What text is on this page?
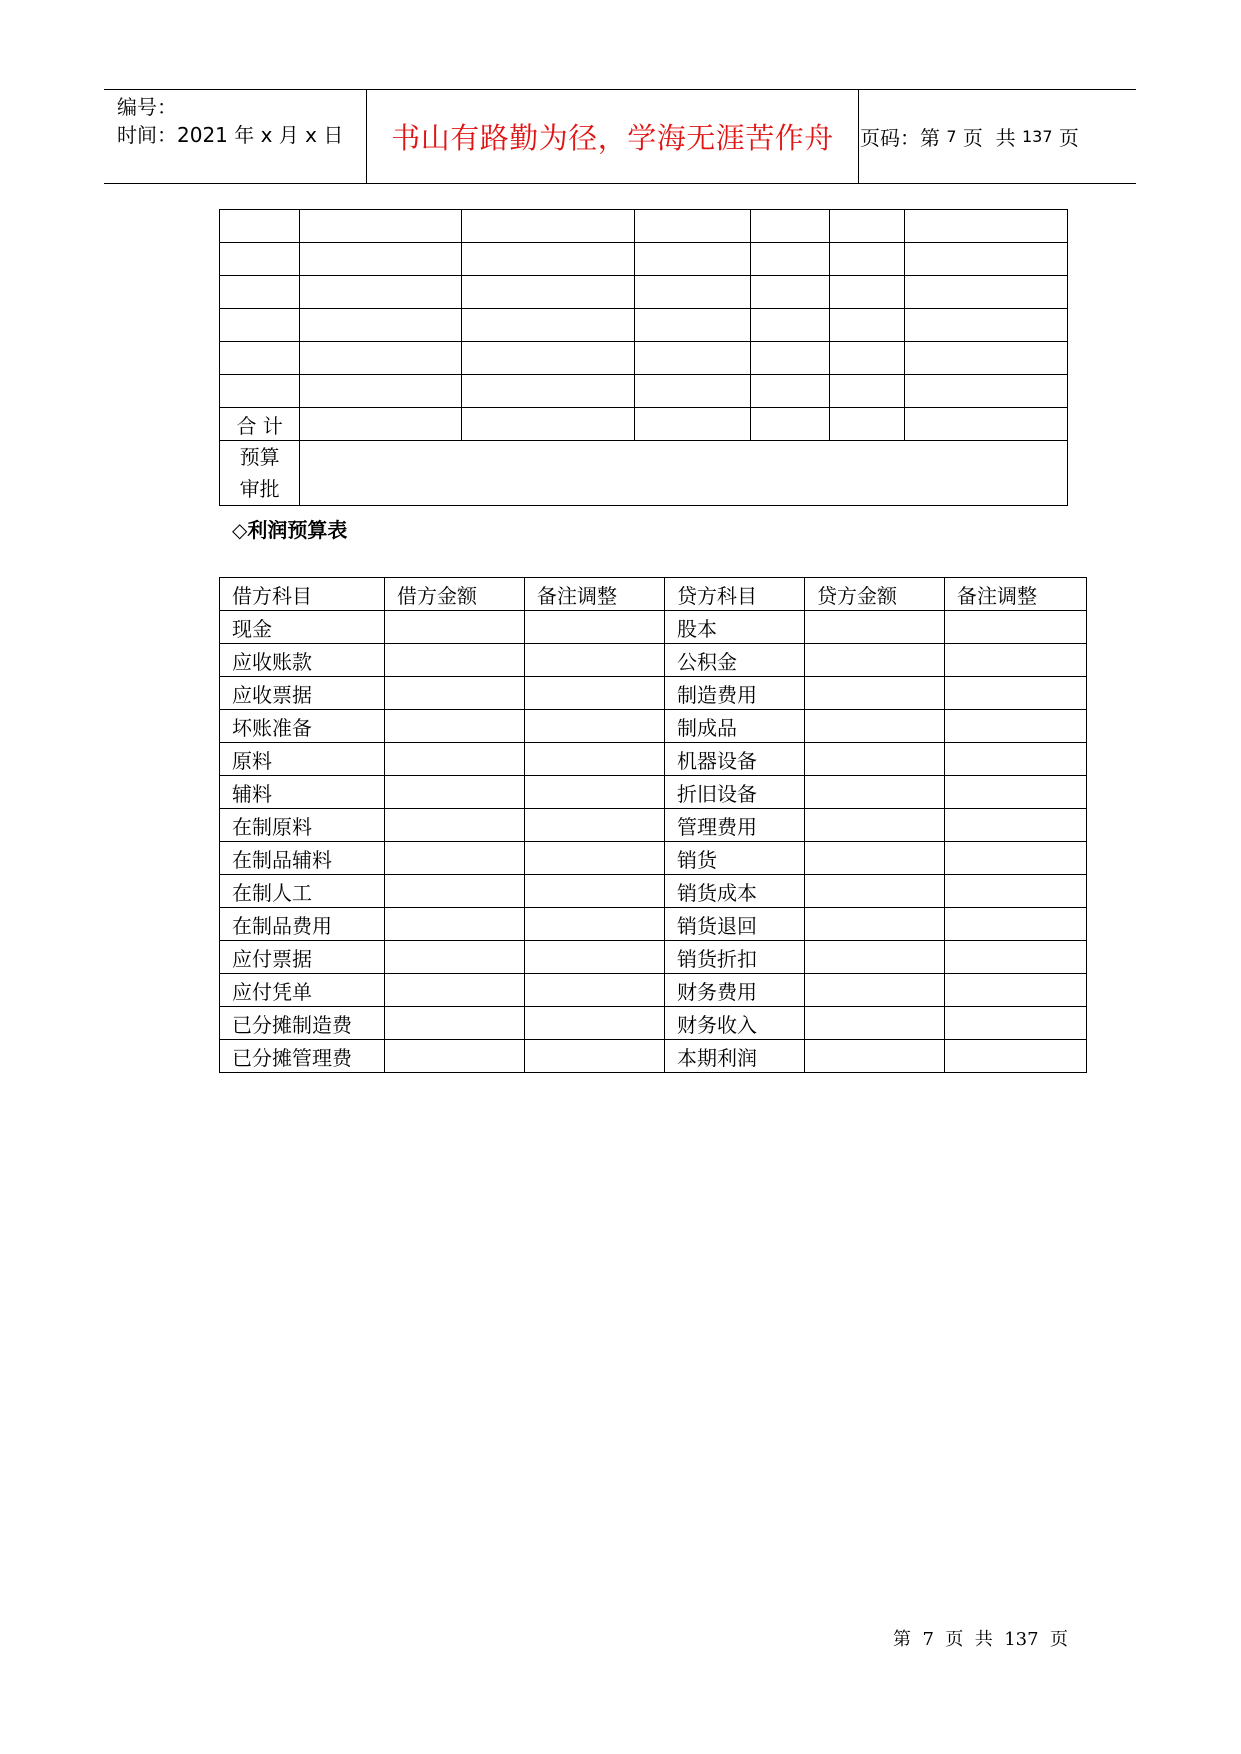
编号：
时间：2021 年 x 月 x 日 书山有路勤为径，学海无涯苦作舟 页码：第 7 页  共 137 页

合 计						
预算
审批						
◇利润预算表
借方科目	借方金额	备注调整	贷方科目	贷方金额	备注调整
现金			股本		
应收账款			公积金		
应收票据			制造费用		
坏账准备			制成品		
原料			机器设备		
辅料			折旧设备		
在制原料			管理费用		
在制品辅料			销货		
在制人工			销货成本		
在制品费用			销货退回		
应付票据			销货折扣		
应付凭单			财务费用		
已分摊制造费			财务收入		
已分摊管理费			本期利润		
第  7  页  共  137  页
